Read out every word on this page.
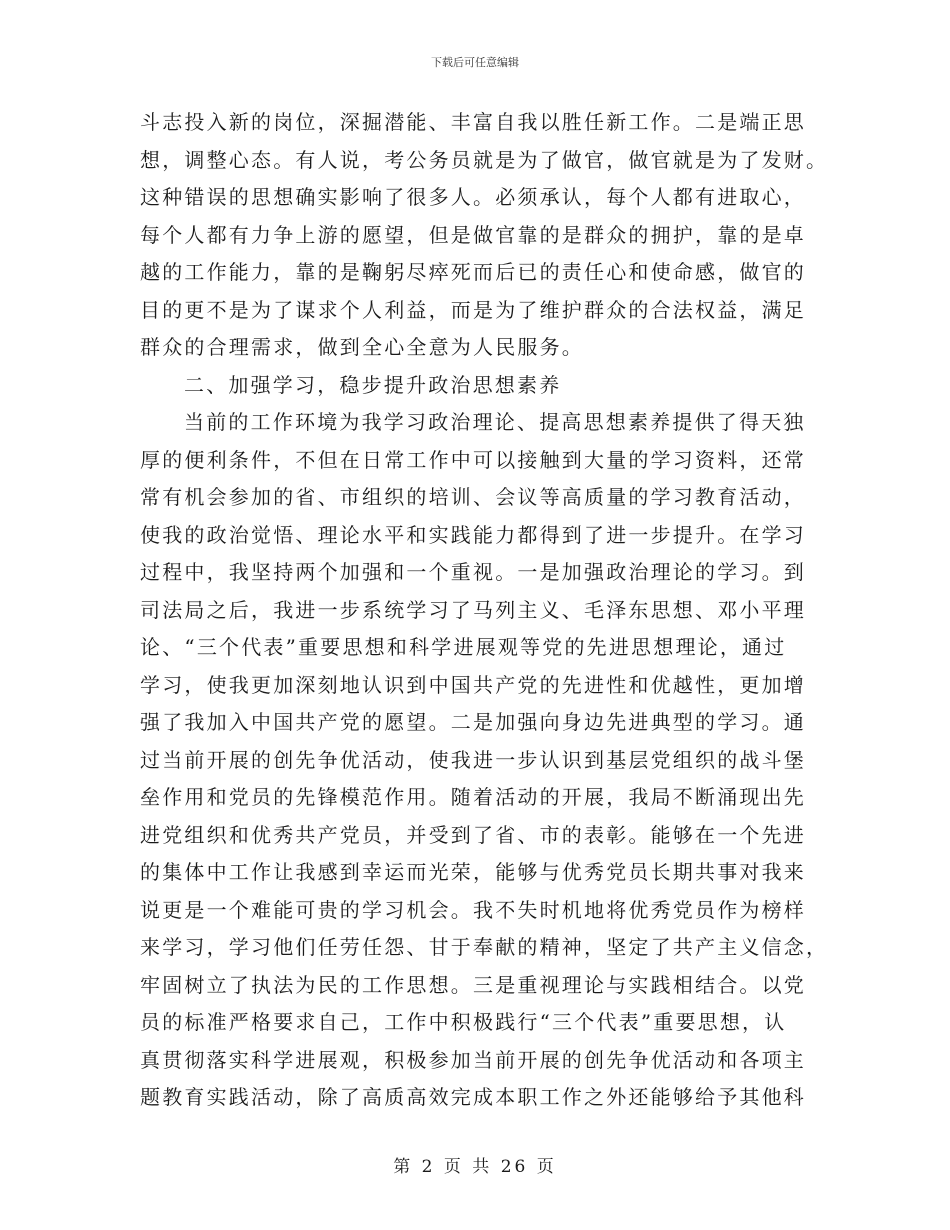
下载后可任意编辑
斗志投入新的岗位，深掘潜能、丰富自我以胜任新工作。二是端正思
想，调整心态。有人说，考公务员就是为了做官，做官就是为了发财。
这种错误的思想确实影响了很多人。必须承认，每个人都有进取心，
每个人都有力争上游的愿望，但是做官靠的是群众的拥护，靠的是卓
越的工作能力，靠的是鞠躬尽瘁死而后已的责任心和使命感，做官的
目的更不是为了谋求个人利益，而是为了维护群众的合法权益，满足
群众的合理需求，做到全心全意为人民服务。
二、加强学习，稳步提升政治思想素养
当前的工作环境为我学习政治理论、提高思想素养提供了得天独
厚的便利条件，不但在日常工作中可以接触到大量的学习资料，还常
常有机会参加的省、市组织的培训、会议等高质量的学习教育活动，
使我的政治觉悟、理论水平和实践能力都得到了进一步提升。在学习
过程中，我坚持两个加强和一个重视。一是加强政治理论的学习。到
司法局之后，我进一步系统学习了马列主义、毛泽东思想、邓小平理
论、“三个代表”重要思想和科学进展观等党的先进思想理论，通过
学习，使我更加深刻地认识到中国共产党的先进性和优越性，更加增
强了我加入中国共产党的愿望。二是加强向身边先进典型的学习。通
过当前开展的创先争优活动，使我进一步认识到基层党组织的战斗堡
垒作用和党员的先锋模范作用。随着活动的开展，我局不断涌现出先
进党组织和优秀共产党员，并受到了省、市的表彰。能够在一个先进
的集体中工作让我感到幸运而光荣，能够与优秀党员长期共事对我来
说更是一个难能可贵的学习机会。我不失时机地将优秀党员作为榜样
来学习，学习他们任劳任怨、甘于奉献的精神，坚定了共产主义信念，
牢固树立了执法为民的工作思想。三是重视理论与实践相结合。以党
员的标准严格要求自己，工作中积极践行“三个代表”重要思想，认
真贯彻落实科学进展观，积极参加当前开展的创先争优活动和各项主
题教育实践活动，除了高质高效完成本职工作之外还能够给予其他科
第 2 页 共 26 页
